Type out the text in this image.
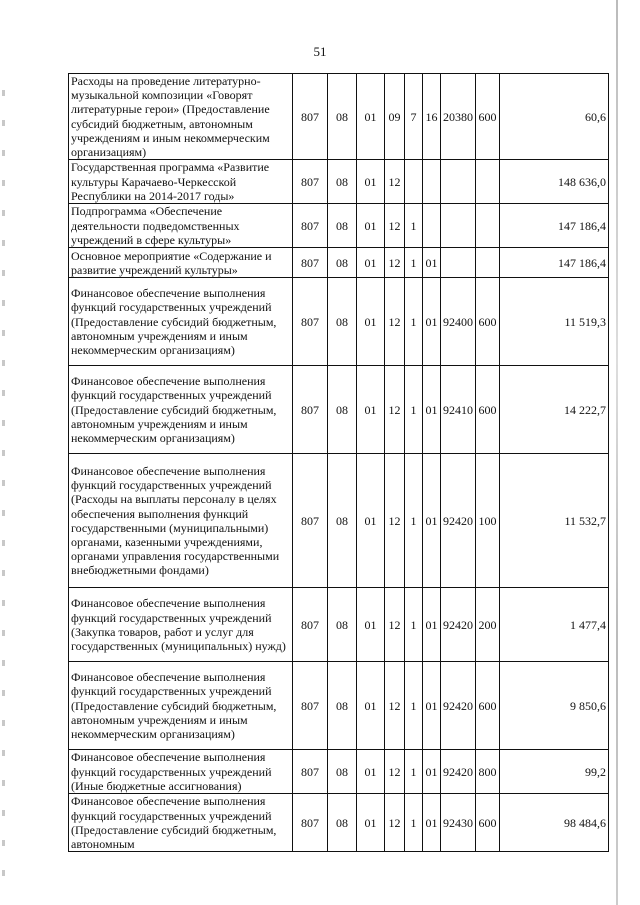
51
Расходы на проведение литературно-музыкальной композиции «Говорят литературные герои» (Предоставление субсидий бюджетным, автономным учреждениям и иным некоммерческим организациям)	807	08	01	09	7	16	20380	600	60,6
Государственная программа «Развитие культуры Карачаево-Черкесской Республики на 2014-2017 годы»	807	08	01	12					148 636,0
Подпрограмма «Обеспечение деятельности подведомственных учреждений в сфере культуры»	807	08	01	12	1				147 186,4
Основное мероприятие «Содержание и развитие учреждений культуры»	807	08	01	12	1	01			147 186,4
Финансовое обеспечение выполнения функций государственных учреждений (Предоставление субсидий бюджетным, автономным учреждениям и иным некоммерческим организациям)	807	08	01	12	1	01	92400	600	11 519,3
Финансовое обеспечение выполнения функций государственных учреждений (Предоставление субсидий бюджетным, автономным учреждениям и иным некоммерческим организациям)	807	08	01	12	1	01	92410	600	14 222,7
Финансовое обеспечение выполнения функций государственных учреждений (Расходы на выплаты персоналу в целях обеспечения выполнения функций государственными (муниципальными) органами, казенными учреждениями, органами управления государственными внебюджетными фондами)	807	08	01	12	1	01	92420	100	11 532,7
Финансовое обеспечение выполнения функций государственных учреждений (Закупка товаров, работ и услуг для государственных (муниципальных) нужд)	807	08	01	12	1	01	92420	200	1 477,4
Финансовое обеспечение выполнения функций государственных учреждений (Предоставление субсидий бюджетным, автономным учреждениям и иным некоммерческим организациям)	807	08	01	12	1	01	92420	600	9 850,6
Финансовое обеспечение выполнения функций государственных учреждений (Иные бюджетные ассигнования)	807	08	01	12	1	01	92420	800	99,2
Финансовое обеспечение выполнения функций государственных учреждений (Предоставление субсидий бюджетным, автономным	807	08	01	12	1	01	92430	600	98 484,6
